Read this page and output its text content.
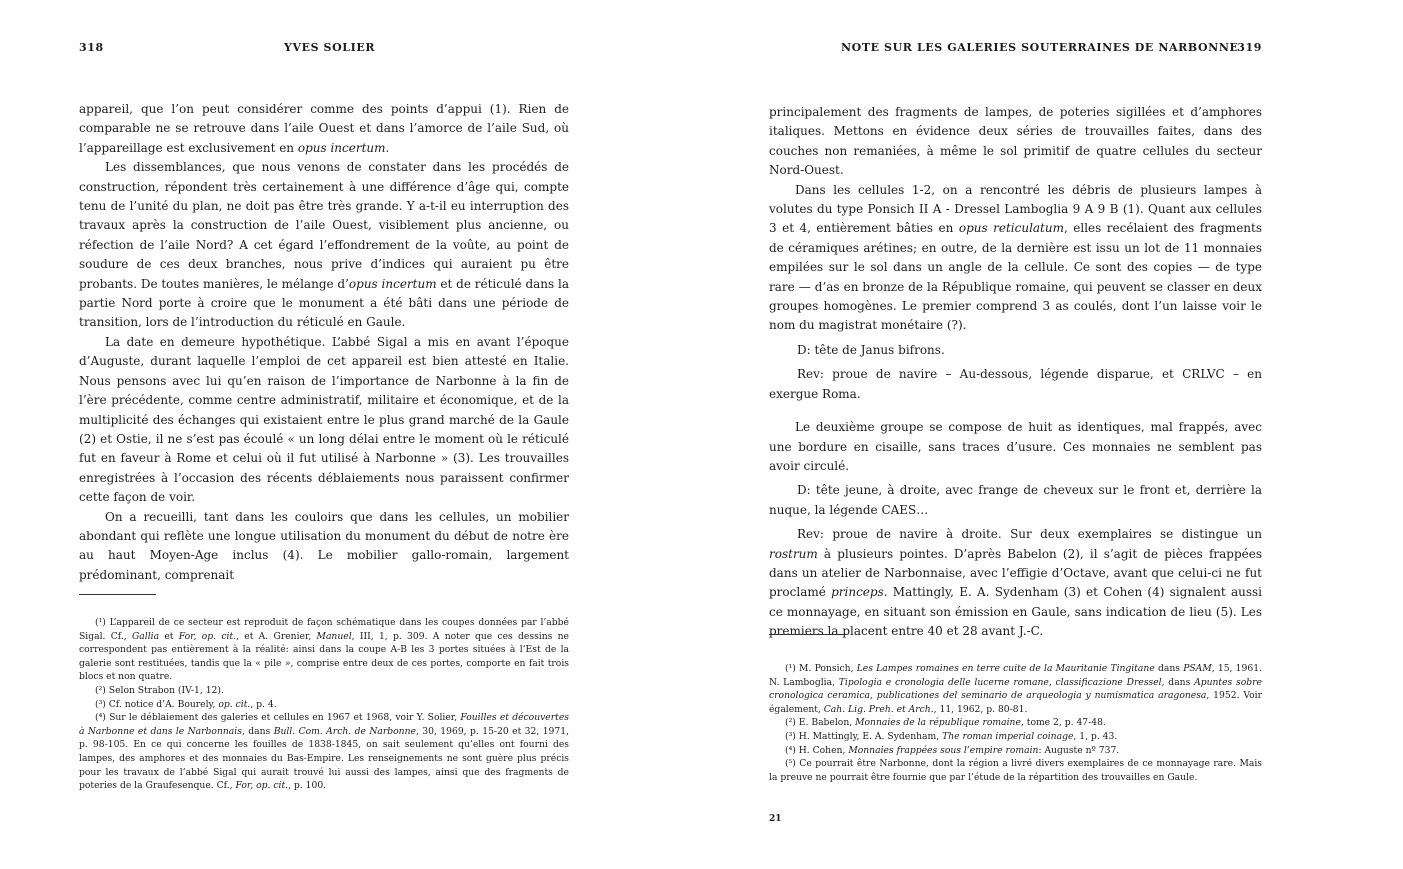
318	YVES SOLIER

appareil, que l’on peut considérer comme des points d’appui (1). Rien de comparable ne se retrouve dans l’aile Ouest et dans l’amorce de l’aile Sud, où l’appareillage est exclusivement en opus incertum.

Les dissemblances, que nous venons de constater dans les procédés de construction, répondent très certainement à une différence d’âge qui, compte tenu de l’unité du plan, ne doit pas être très grande. Y a-t-il eu interruption des travaux après la construction de l’aile Ouest, visiblement plus ancienne, ou réfection de l’aile Nord? A cet égard l’effondrement de la voûte, au point de soudure de ces deux branches, nous prive d’indices qui auraient pu être probants. De toutes manières, le mélange d’opus incertum et de réticulé dans la partie Nord porte à croire que le monument a été bâti dans une période de transition, lors de l’introduction du réticulé en Gaule.

La date en demeure hypothétique. L’abbé Sigal a mis en avant l’époque d’Auguste, durant laquelle l’emploi de cet appareil est bien attesté en Italie. Nous pensons avec lui qu’en raison de l’importance de Narbonne à la fin de l’ère précédente, comme centre administratif, militaire et économique, et de la multiplicité des échanges qui existaient entre le plus grand marché de la Gaule (2) et Ostie, il ne s’est pas écoulé « un long délai entre le moment où le réticulé fut en faveur à Rome et celui où il fut utilisé à Narbonne » (3). Les trouvailles enregistrées à l’occasion des récents déblaiements nous paraissent confirmer cette façon de voir.

On a recueilli, tant dans les couloirs que dans les cellules, un mobilier abondant qui reflète une longue utilisation du monument du début de notre ère au haut Moyen-Age inclus (4). Le mobilier gallo-romain, largement prédominant, comprenait

(¹) L’appareil de ce secteur est reproduit de façon schématique dans les coupes données par l’abbé Sigal. Cf., Gallia et For, op. cit., et A. Grenier, Manuel, III, 1, p. 309. A noter que ces dessins ne correspondent pas entièrement à la réalité: ainsi dans la coupe A-B les 3 portes situées à l’Est de la galerie sont restituées, tandis que la « pile », comprise entre deux de ces portes, comporte en fait trois blocs et non quatre.

(²) Selon Strabon (IV-1, 12).

(³) Cf. notice d’A. Bourely, op. cit., p. 4.

(⁴) Sur le déblaiement des galeries et cellules en 1967 et 1968, voir Y. Solier, Fouilles et découvertes à Narbonne et dans le Narbonnais, dans Bull. Com. Arch. de Narbonne, 30, 1969, p. 15-20 et 32, 1971, p. 98-105. En ce qui concerne les fouilles de 1838-1845, on sait seulement qu’elles ont fourni des lampes, des amphores et des monnaies du Bas-Empire. Les renseignements ne sont guère plus précis pour les travaux de l’abbé Sigal qui aurait trouvé lui aussi des lampes, ainsi que des fragments de poteries de la Graufesenque. Cf., For, op. cit., p. 100.

NOTE SUR LES GALERIES SOUTERRAINES DE NARBONNE
319

principalement des fragments de lampes, de poteries sigillées et d’amphores italiques. Mettons en évidence deux séries de trouvailles faites, dans des couches non remaniées, à même le sol primitif de quatre cellules du secteur Nord-Ouest.

Dans les cellules 1-2, on a rencontré les débris de plusieurs lampes à volutes du type Ponsich II A - Dressel Lamboglia 9 A 9 B (1). Quant aux cellules 3 et 4, entièrement bâties en opus reticulatum, elles recélaient des fragments de céramiques arétines; en outre, de la dernière est issu un lot de 11 monnaies empilées sur le sol dans un angle de la cellule. Ce sont des copies — de type rare — d’as en bronze de la République romaine, qui peuvent se classer en deux groupes homogènes. Le premier comprend 3 as coulés, dont l’un laisse voir le nom du magistrat monétaire (?).

D: tête de Janus bifrons.

Rev: proue de navire – Au-dessous, légende disparue, et CRLVC – en exergue Roma.

Le deuxième groupe se compose de huit as identiques, mal frappés, avec une bordure en cisaille, sans traces d’usure. Ces monnaies ne semblent pas avoir circulé.

D: tête jeune, à droite, avec frange de cheveux sur le front et, derrière la nuque, la légende CAES…

Rev: proue de navire à droite. Sur deux exemplaires se distingue un rostrum à plusieurs pointes. D’après Babelon (2), il s’agit de pièces frappées dans un atelier de Narbonnaise, avec l’effigie d’Octave, avant que celui-ci ne fut proclamé princeps. Mattingly, E. A. Sydenham (3) et Cohen (4) signalent aussi ce monnayage, en situant son émission en Gaule, sans indication de lieu (5). Les premiers la placent entre 40 et 28 avant J.-C.

(¹) M. Ponsich, Les Lampes romaines en terre cuite de la Mauritanie Tingitane dans PSAM, 15, 1961. N. Lamboglia, Tipologia e cronologia delle lucerne romane, classificazione Dressel, dans Apuntes sobre cronologica ceramica, publicationes del seminario de arqueologia y numismatica aragonesa, 1952. Voir également, Cah. Lig. Preh. et Arch., 11, 1962, p. 80-81.

(²) E. Babelon, Monnaies de la république romaine, tome 2, p. 47-48.

(³) H. Mattingly, E. A. Sydenham, The roman imperial coinage, 1, p. 43.

(⁴) H. Cohen, Monnaies frappées sous l’empire romain: Auguste nº 737.

(⁵) Ce pourrait être Narbonne, dont la région a livré divers exemplaires de ce monnayage rare. Mais la preuve ne pourrait être fournie que par l’étude de la répartition des trouvailles en Gaule.

21
